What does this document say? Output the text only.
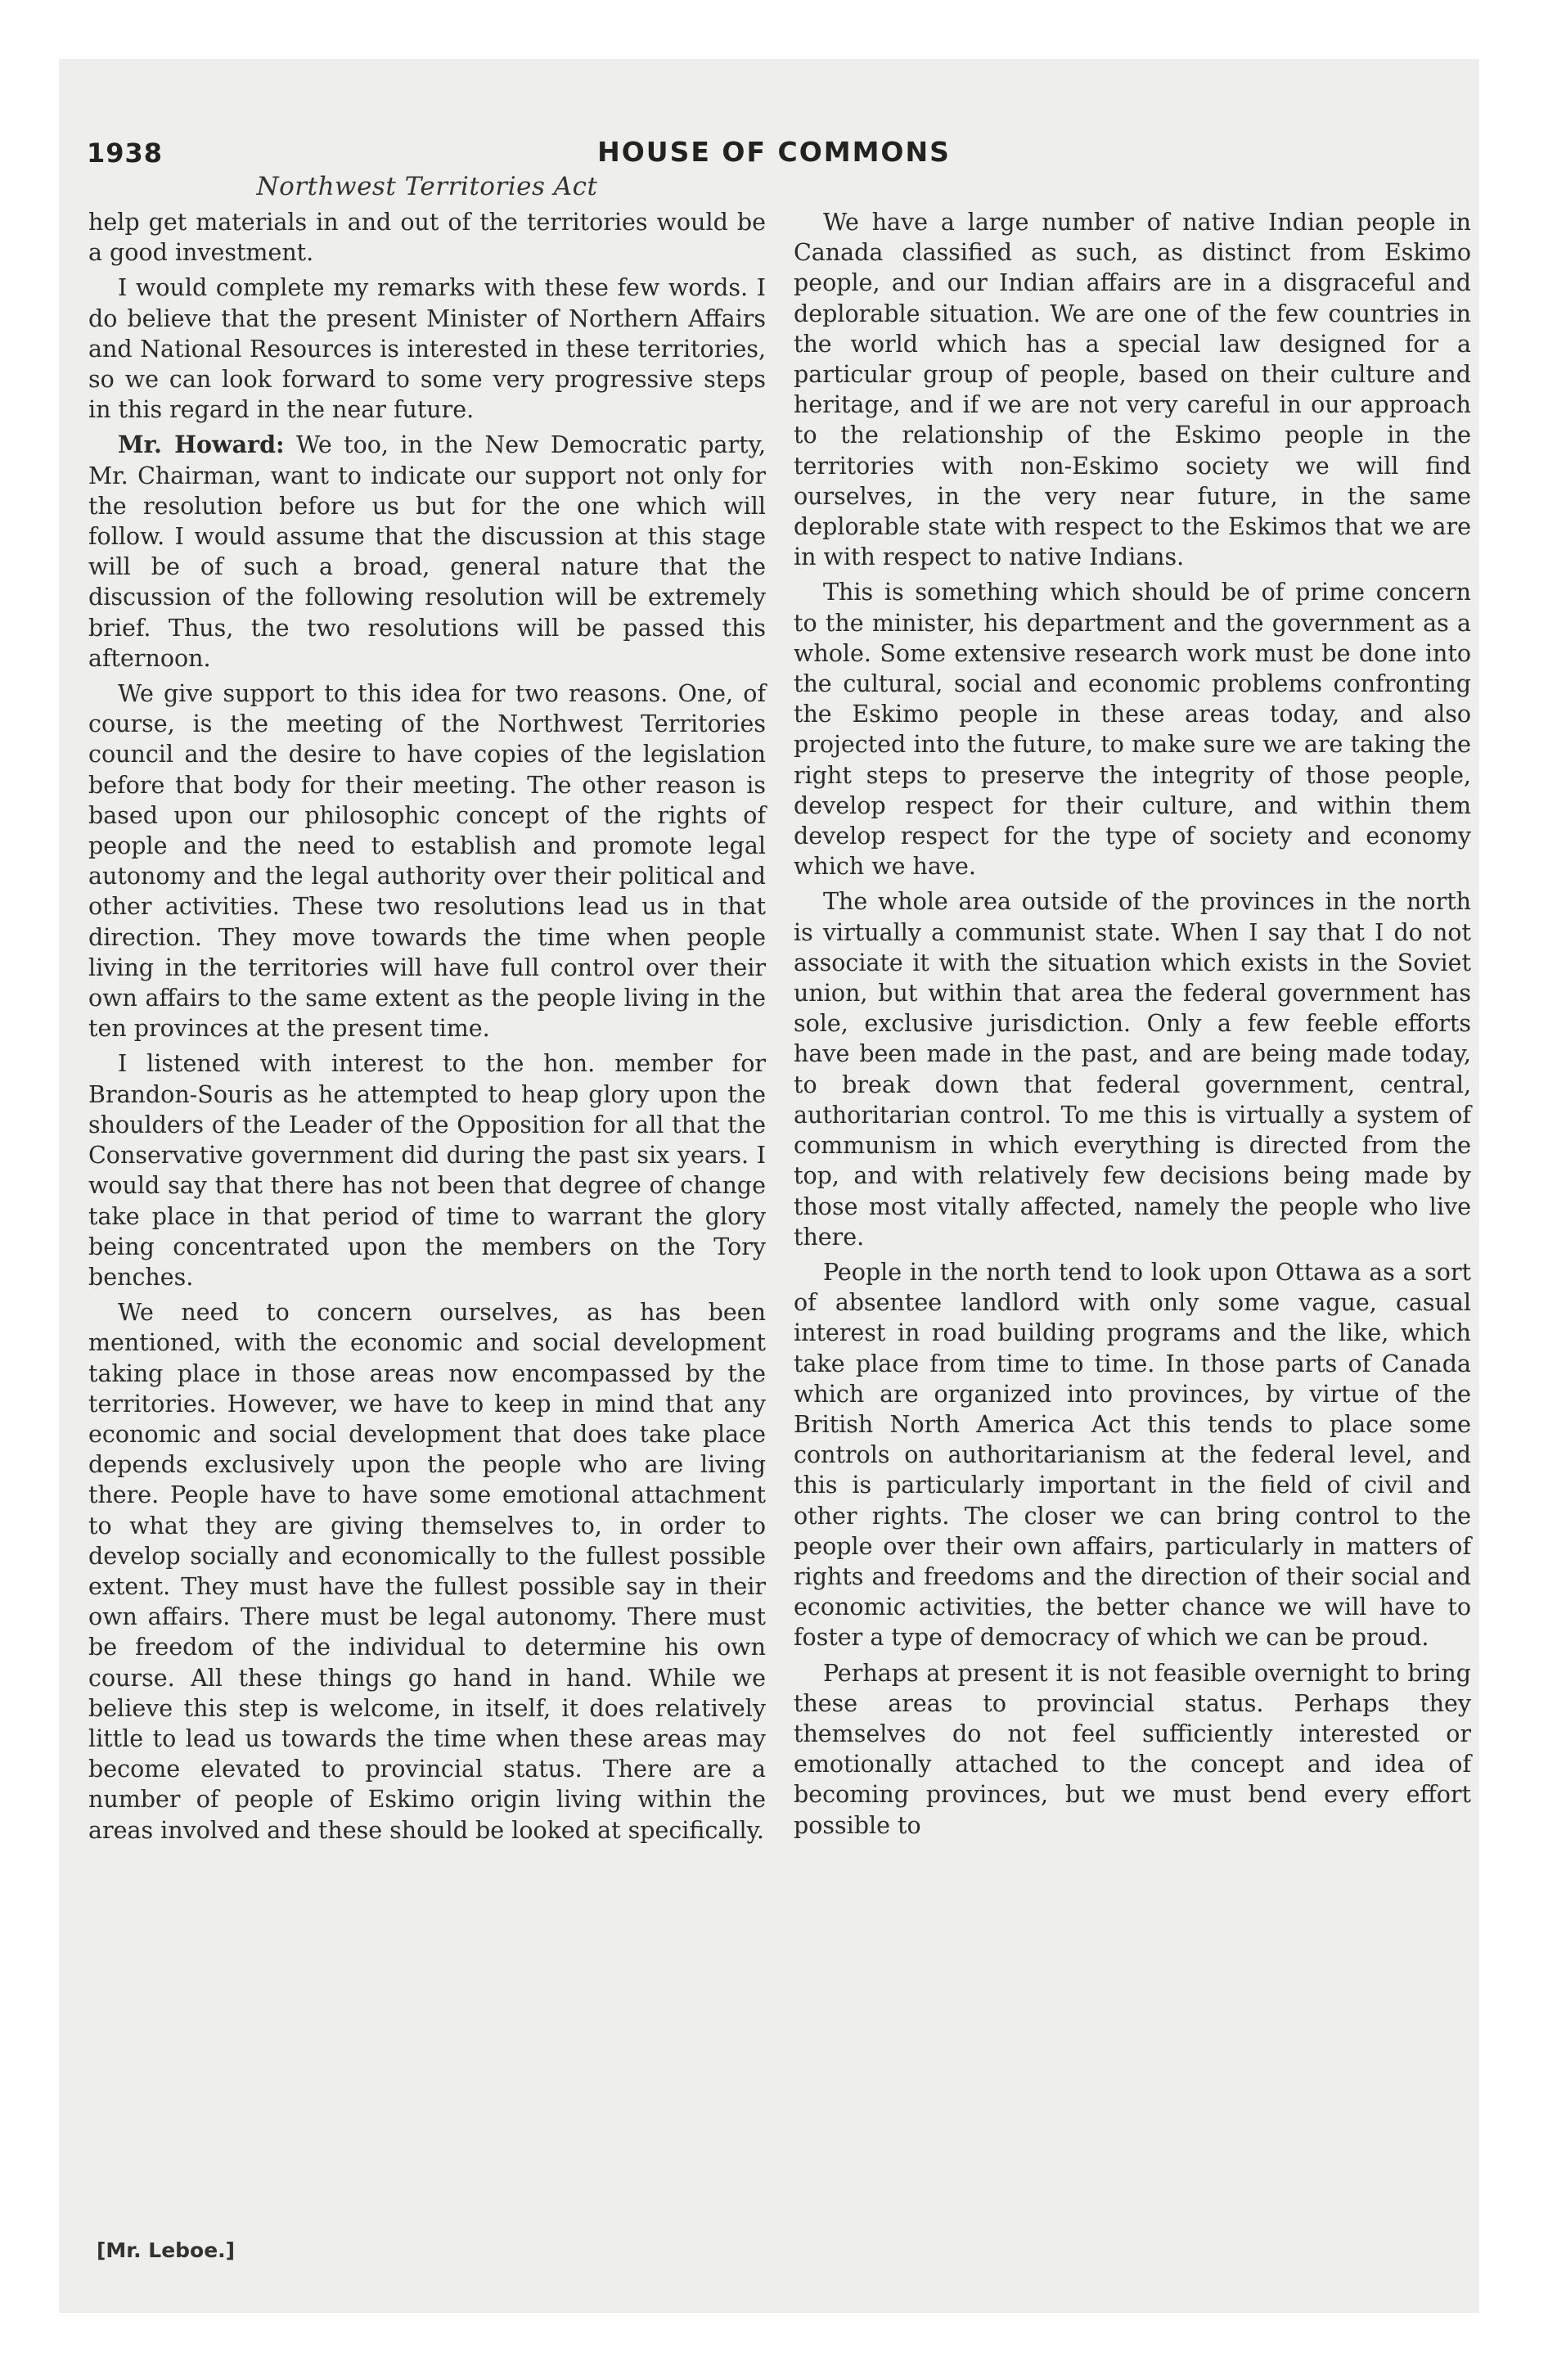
1938	HOUSE OF COMMONS
Northwest Territories Act

help get materials in and out of the territories would be a good investment.

I would complete my remarks with these few words. I do believe that the present Minister of Northern Affairs and National Resources is interested in these territories, so we can look forward to some very progressive steps in this regard in the near future.

Mr. Howard: We too, in the New Democratic party, Mr. Chairman, want to indicate our support not only for the resolution before us but for the one which will follow. I would assume that the discussion at this stage will be of such a broad, general nature that the discussion of the following resolution will be extremely brief. Thus, the two resolutions will be passed this afternoon.

We give support to this idea for two reasons. One, of course, is the meeting of the Northwest Territories council and the desire to have copies of the legislation before that body for their meeting. The other reason is based upon our philosophic concept of the rights of people and the need to establish and promote legal autonomy and the legal authority over their political and other activities. These two resolutions lead us in that direction. They move towards the time when people living in the territories will have full control over their own affairs to the same extent as the people living in the ten provinces at the present time.

I listened with interest to the hon. member for Brandon-Souris as he attempted to heap glory upon the shoulders of the Leader of the Opposition for all that the Conservative government did during the past six years. I would say that there has not been that degree of change take place in that period of time to warrant the glory being concentrated upon the members on the Tory benches.

We need to concern ourselves, as has been mentioned, with the economic and social development taking place in those areas now encompassed by the territories. However, we have to keep in mind that any economic and social development that does take place depends exclusively upon the people who are living there. People have to have some emotional attachment to what they are giving themselves to, in order to develop socially and economically to the fullest possible extent. They must have the fullest possible say in their own affairs. There must be legal autonomy. There must be freedom of the individual to determine his own course. All these things go hand in hand. While we believe this step is welcome, in itself, it does relatively little to lead us towards the time when these areas may become elevated to provincial status. There are a number of people of Eskimo origin living within the areas involved and these should be looked at specifically.

We have a large number of native Indian people in Canada classified as such, as distinct from Eskimo people, and our Indian affairs are in a disgraceful and deplorable situation. We are one of the few countries in the world which has a special law designed for a particular group of people, based on their culture and heritage, and if we are not very careful in our approach to the relationship of the Eskimo people in the territories with non-Eskimo society we will find ourselves, in the very near future, in the same deplorable state with respect to the Eskimos that we are in with respect to native Indians.

This is something which should be of prime concern to the minister, his department and the government as a whole. Some extensive research work must be done into the cultural, social and economic problems confronting the Eskimo people in these areas today, and also projected into the future, to make sure we are taking the right steps to preserve the integrity of those people, develop respect for their culture, and within them develop respect for the type of society and economy which we have.

The whole area outside of the provinces in the north is virtually a communist state. When I say that I do not associate it with the situation which exists in the Soviet union, but within that area the federal government has sole, exclusive jurisdiction. Only a few feeble efforts have been made in the past, and are being made today, to break down that federal government, central, authoritarian control. To me this is virtually a system of communism in which everything is directed from the top, and with relatively few decisions being made by those most vitally affected, namely the people who live there.

People in the north tend to look upon Ottawa as a sort of absentee landlord with only some vague, casual interest in road building programs and the like, which take place from time to time. In those parts of Canada which are organized into provinces, by virtue of the British North America Act this tends to place some controls on authoritarianism at the federal level, and this is particularly important in the field of civil and other rights. The closer we can bring control to the people over their own affairs, particularly in matters of rights and freedoms and the direction of their social and economic activities, the better chance we will have to foster a type of democracy of which we can be proud.

Perhaps at present it is not feasible overnight to bring these areas to provincial status. Perhaps they themselves do not feel sufficiently interested or emotionally attached to the concept and idea of becoming provinces, but we must bend every effort possible to

[Mr. Leboe.]
